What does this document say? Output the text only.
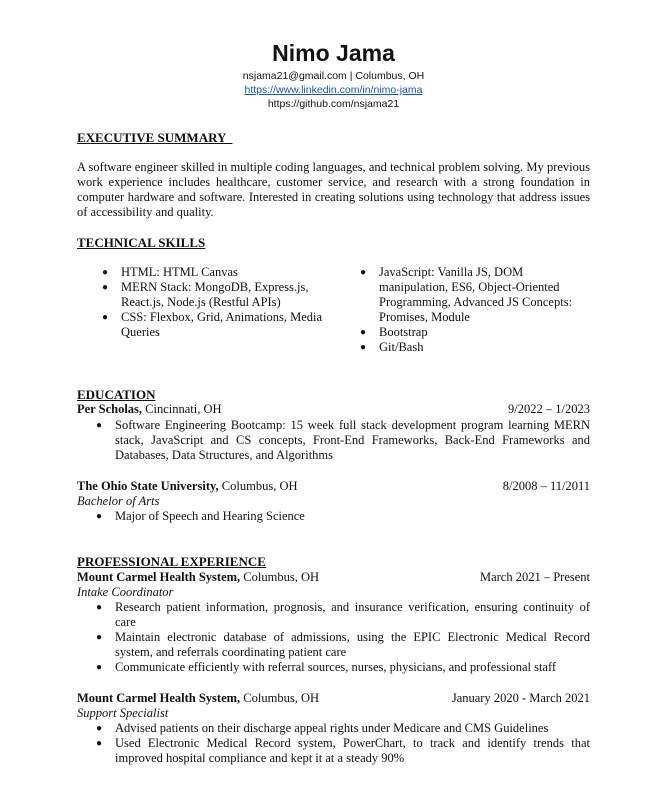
Nimo Jama
nsjama21@gmail.com | Columbus, OH
https://www.linkedin.com/in/nimo-jama
https://github.com/nsjama21
EXECUTIVE SUMMARY
A software engineer skilled in multiple coding languages, and technical problem solving. My previous work experience includes healthcare, customer service, and research with a strong foundation in computer hardware and software. Interested in creating solutions using technology that address issues of accessibility and quality.
TECHNICAL SKILLS
● HTML: HTML Canvas
● MERN Stack: MongoDB, Express.js, React.js, Node.js (Restful APIs)
● CSS: Flexbox, Grid, Animations, Media Queries
● JavaScript: Vanilla JS, DOM manipulation, ES6, Object-Oriented Programming, Advanced JS Concepts: Promises, Module
● Bootstrap
● Git/Bash
EDUCATION
Per Scholas, Cincinnati, OH	9/2022 – 1/2023
● Software Engineering Bootcamp: 15 week full stack development program learning MERN stack, JavaScript and CS concepts, Front-End Frameworks, Back-End Frameworks and Databases, Data Structures, and Algorithms
The Ohio State University, Columbus, OH	8/2008 – 11/2011
Bachelor of Arts
● Major of Speech and Hearing Science
PROFESSIONAL EXPERIENCE
Mount Carmel Health System, Columbus, OH	March 2021 – Present
Intake Coordinator
● Research patient information, prognosis, and insurance verification, ensuring continuity of care
● Maintain electronic database of admissions, using the EPIC Electronic Medical Record system, and referrals coordinating patient care
● Communicate efficiently with referral sources, nurses, physicians, and professional staff
Mount Carmel Health System, Columbus, OH	January 2020 - March 2021
Support Specialist
● Advised patients on their discharge appeal rights under Medicare and CMS Guidelines
● Used Electronic Medical Record system, PowerChart, to track and identify trends that improved hospital compliance and kept it at a steady 90%
